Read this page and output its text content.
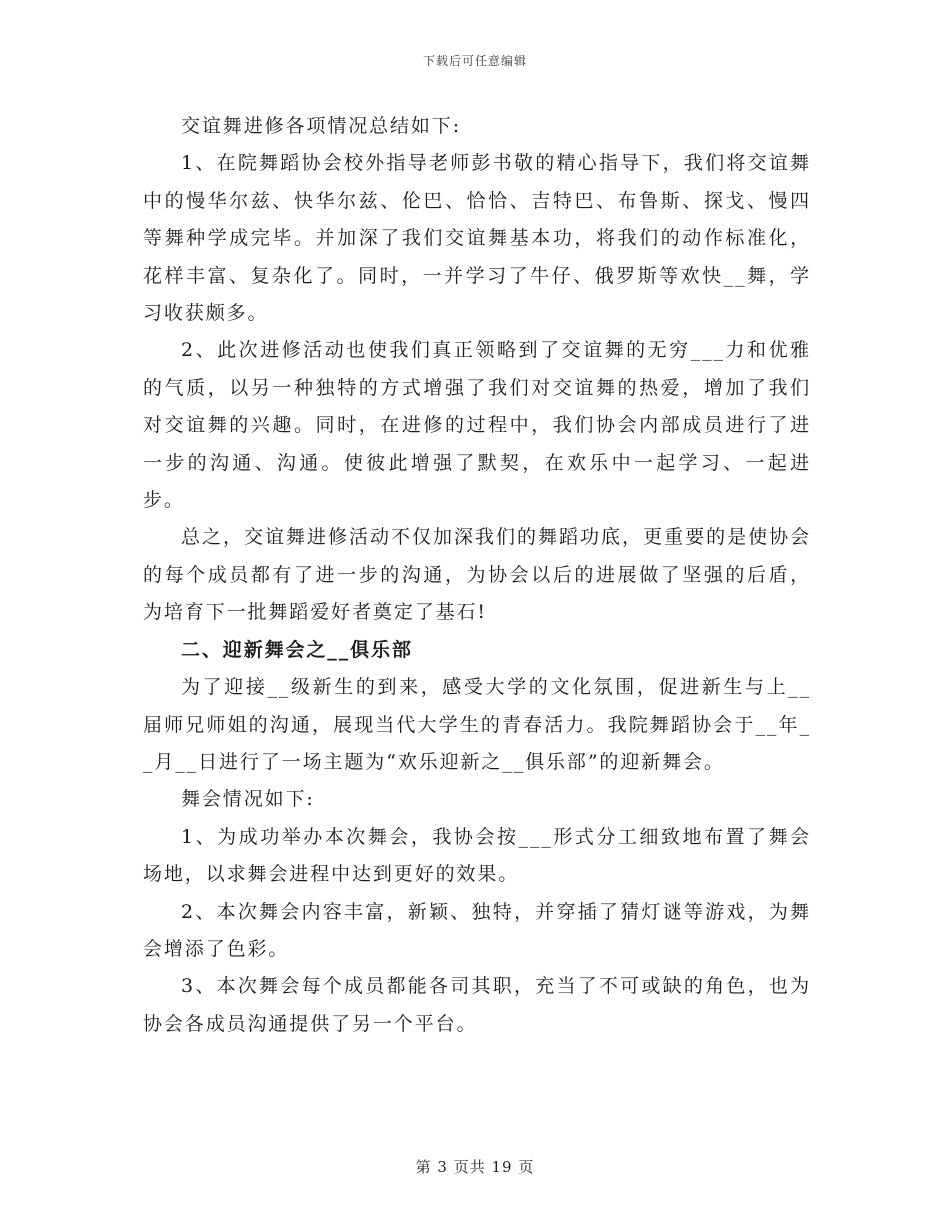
下载后可任意编辑

交谊舞进修各项情况总结如下:

1、在院舞蹈协会校外指导老师彭书敬的精心指导下，我们将交谊舞中的慢华尔兹、快华尔兹、伦巴、恰恰、吉特巴、布鲁斯、探戈、慢四等舞种学成完毕。并加深了我们交谊舞基本功，将我们的动作标准化，花样丰富、复杂化了。同时，一并学习了牛仔、俄罗斯等欢快__舞，学习收获颇多。

2、此次进修活动也使我们真正领略到了交谊舞的无穷___力和优雅的气质，以另一种独特的方式增强了我们对交谊舞的热爱，增加了我们对交谊舞的兴趣。同时，在进修的过程中，我们协会内部成员进行了进一步的沟通、沟通。使彼此增强了默契，在欢乐中一起学习、一起进步。

总之，交谊舞进修活动不仅加深我们的舞蹈功底，更重要的是使协会的每个成员都有了进一步的沟通，为协会以后的进展做了坚强的后盾，为培育下一批舞蹈爱好者奠定了基石!

二、迎新舞会之__俱乐部

为了迎接__级新生的到来，感受大学的文化氛围，促进新生与上__届师兄师姐的沟通，展现当代大学生的青春活力。我院舞蹈协会于__年__月__日进行了一场主题为“欢乐迎新之__俱乐部”的迎新舞会。

舞会情况如下:

1、为成功举办本次舞会，我协会按___形式分工细致地布置了舞会场地，以求舞会进程中达到更好的效果。

2、本次舞会内容丰富，新颖、独特，并穿插了猜灯谜等游戏，为舞会增添了色彩。

3、本次舞会每个成员都能各司其职，充当了不可或缺的角色，也为协会各成员沟通提供了另一个平台。

第 3 页共 19 页
